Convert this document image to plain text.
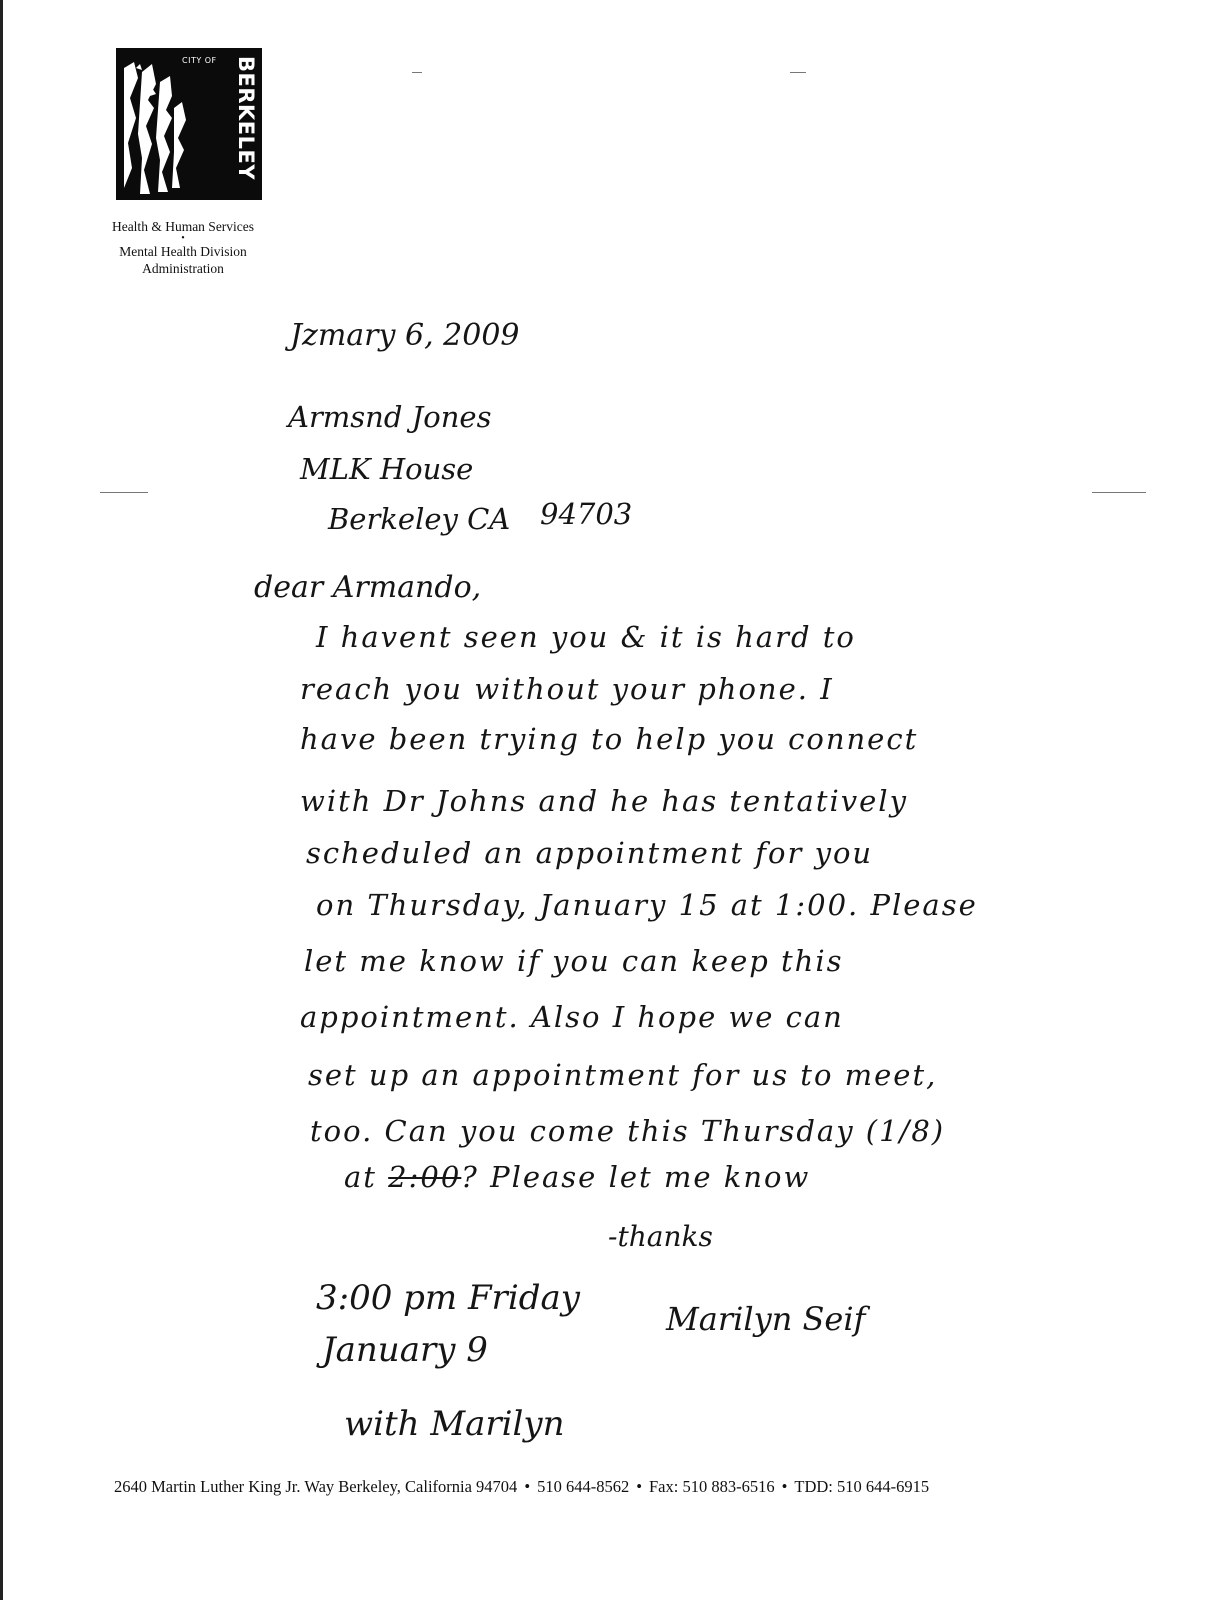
CITY OF BERKELEY
Health & Human Services
•
Mental Health Division
Administration
Jzmary 6, 2009
Armsnd Jones
MLK House
Berkeley CA 94703
dear Armando,
I havent seen you & it is hard to
reach you without your phone. I
have been trying to help you connect
with Dr Johns and he has tentatively
scheduled an appointment for you
on Thursday, January 15 at 1:00. Please
let me know if you can keep this
appointment. Also I hope we can
set up an appointment for us to meet,
too. Can you come this Thursday (1/8)
at 2:00? Please let me know
-thanks
3:00 pm Friday
January 9
with Marilyn
Marilyn Seif
2640 Martin Luther King Jr. Way Berkeley, California 94704 • 510 644-8562 • Fax: 510 883-6516 • TDD: 510 644-6915
